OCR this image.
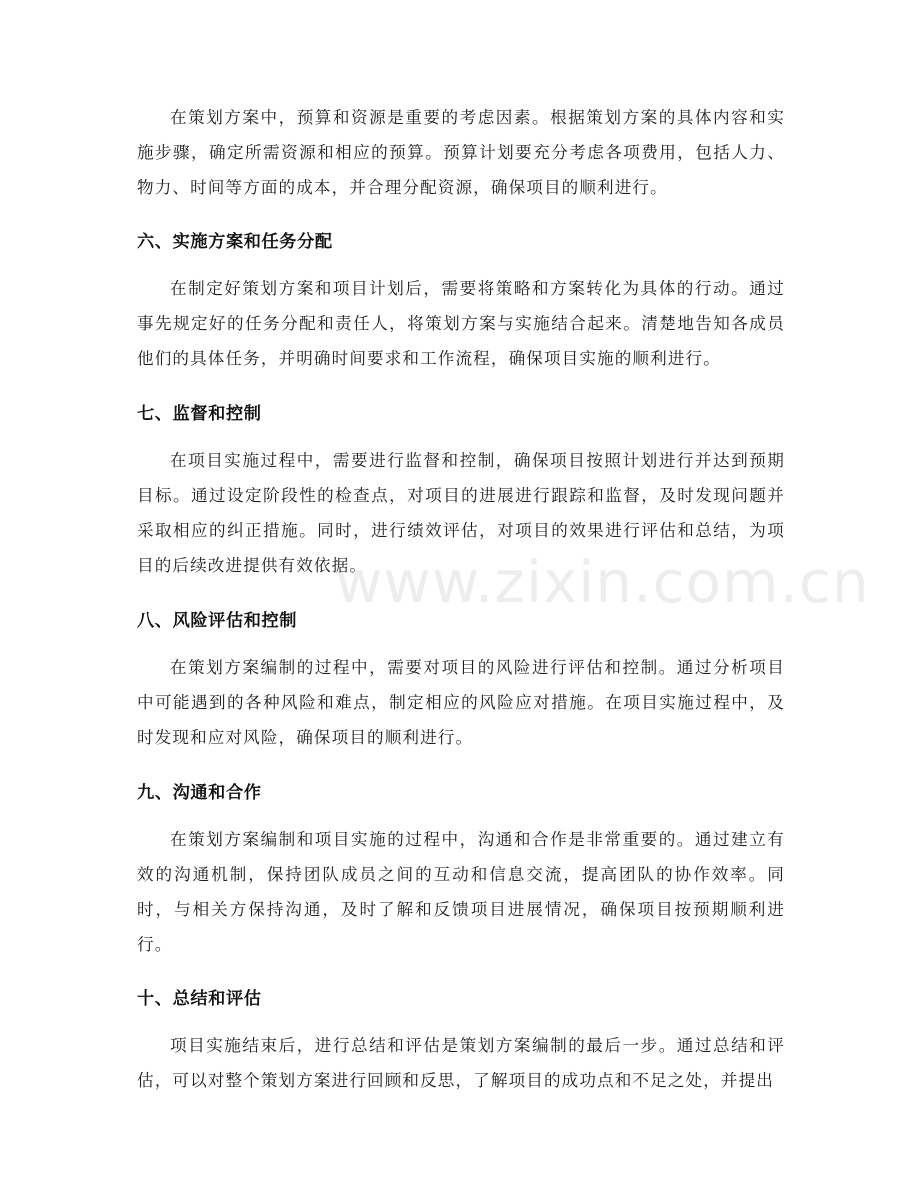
在策划方案中，预算和资源是重要的考虑因素。根据策划方案的具体内容和实施步骤，确定所需资源和相应的预算。预算计划要充分考虑各项费用，包括人力、物力、时间等方面的成本，并合理分配资源，确保项目的顺利进行。

六、实施方案和任务分配

在制定好策划方案和项目计划后，需要将策略和方案转化为具体的行动。通过事先规定好的任务分配和责任人，将策划方案与实施结合起来。清楚地告知各成员他们的具体任务，并明确时间要求和工作流程，确保项目实施的顺利进行。

七、监督和控制

在项目实施过程中，需要进行监督和控制，确保项目按照计划进行并达到预期目标。通过设定阶段性的检查点，对项目的进展进行跟踪和监督，及时发现问题并采取相应的纠正措施。同时，进行绩效评估，对项目的效果进行评估和总结，为项目的后续改进提供有效依据。

八、风险评估和控制

在策划方案编制的过程中，需要对项目的风险进行评估和控制。通过分析项目中可能遇到的各种风险和难点，制定相应的风险应对措施。在项目实施过程中，及时发现和应对风险，确保项目的顺利进行。

九、沟通和合作

在策划方案编制和项目实施的过程中，沟通和合作是非常重要的。通过建立有效的沟通机制，保持团队成员之间的互动和信息交流，提高团队的协作效率。同时，与相关方保持沟通，及时了解和反馈项目进展情况，确保项目按预期顺利进行。

十、总结和评估

项目实施结束后，进行总结和评估是策划方案编制的最后一步。通过总结和评估，可以对整个策划方案进行回顾和反思，了解项目的成功点和不足之处，并提出

www.zixin.com.cn
